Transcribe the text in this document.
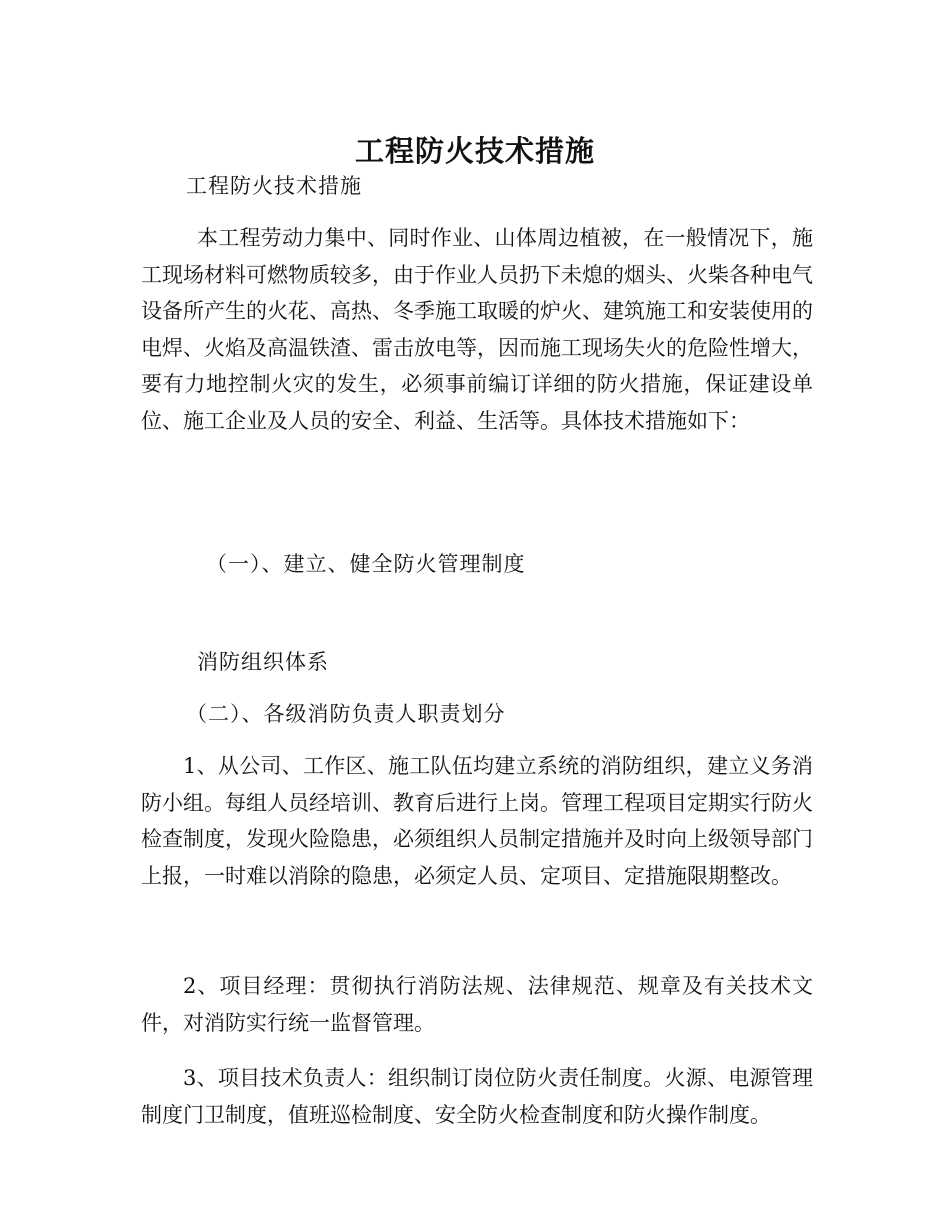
工程防火技术措施

工程防火技术措施

本工程劳动力集中、同时作业、山体周边植被，在一般情况下，施工现场材料可燃物质较多，由于作业人员扔下未熄的烟头、火柴各种电气设备所产生的火花、高热、冬季施工取暖的炉火、建筑施工和安装使用的电焊、火焰及高温铁渣、雷击放电等，因而施工现场失火的危险性增大，要有力地控制火灾的发生，必须事前编订详细的防火措施，保证建设单位、施工企业及人员的安全、利益、生活等。具体技术措施如下：

（一）、建立、健全防火管理制度

消防组织体系

（二）、各级消防负责人职责划分

1、从公司、工作区、施工队伍均建立系统的消防组织，建立义务消防小组。每组人员经培训、教育后进行上岗。管理工程项目定期实行防火检查制度，发现火险隐患，必须组织人员制定措施并及时向上级领导部门上报，一时难以消除的隐患，必须定人员、定项目、定措施限期整改。

2、项目经理：贯彻执行消防法规、法律规范、规章及有关技术文件，对消防实行统一监督管理。

3、项目技术负责人：组织制订岗位防火责任制度。火源、电源管理制度门卫制度，值班巡检制度、安全防火检查制度和防火操作制度。
